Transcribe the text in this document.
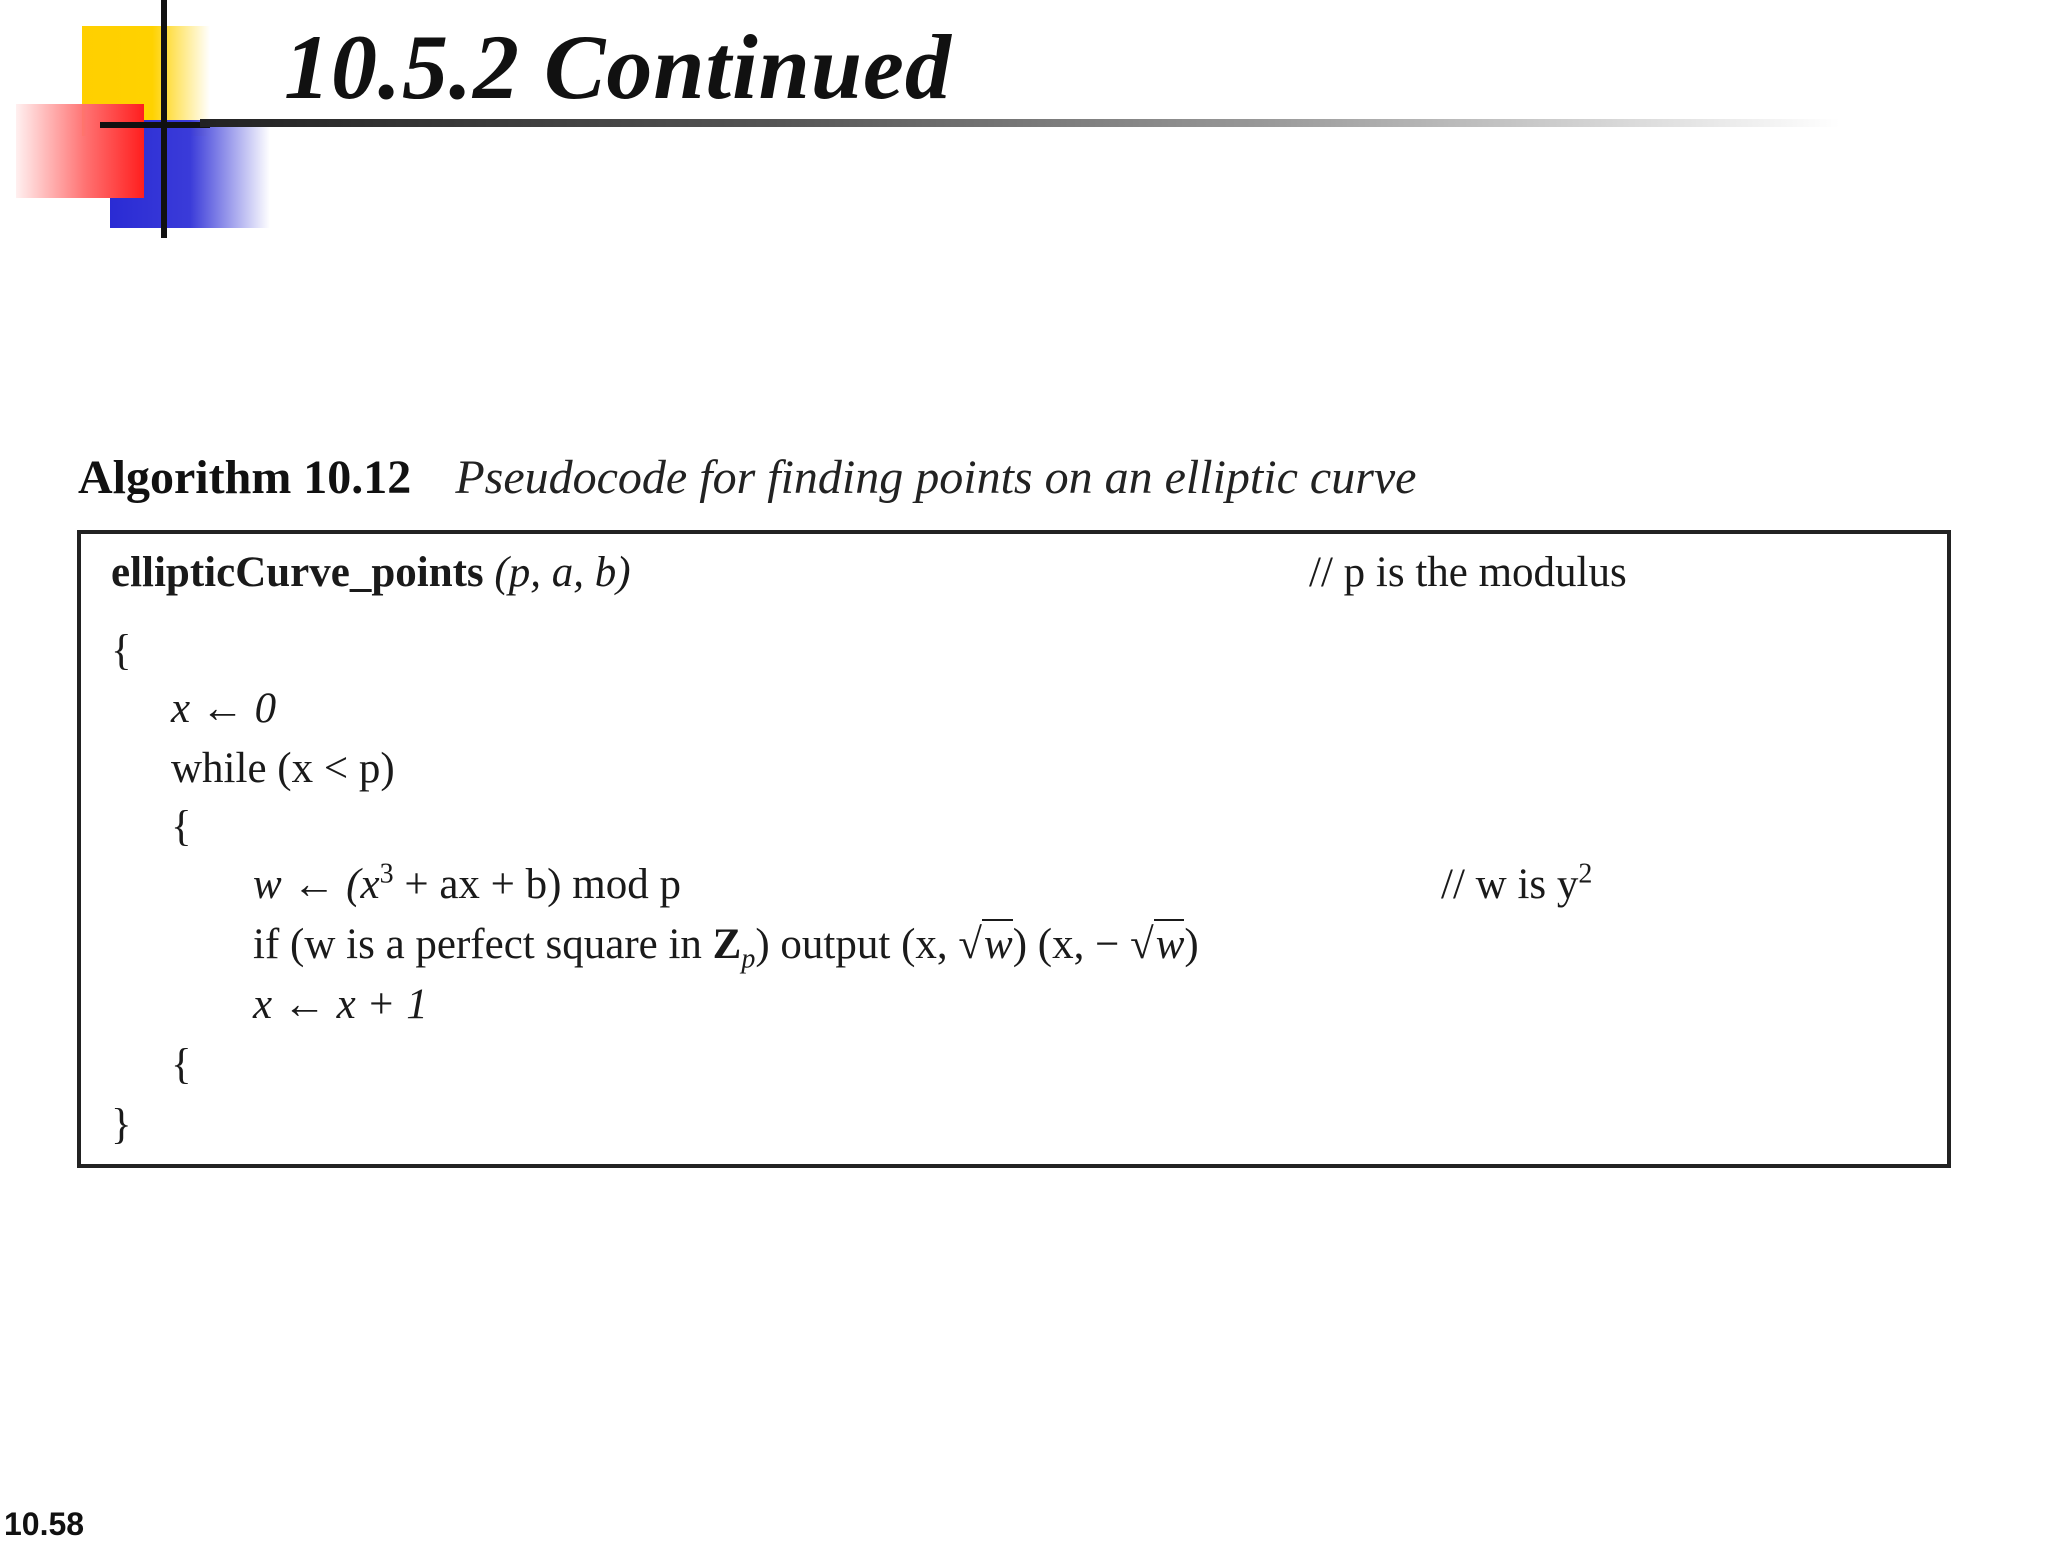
10.5.2 Continued
Algorithm 10.12 Pseudocode for finding points on an elliptic curve
ellipticCurve_points (p, a, b)	// p is the modulus
{
x ← 0
while (x < p)
{
w ← ($x^3$ + ax + b) mod p	// w is $y^2$
if (w is a perfect square in $Z_p$) output (x, √w) (x, − √w)
x ← x + 1
{
}
10.58
